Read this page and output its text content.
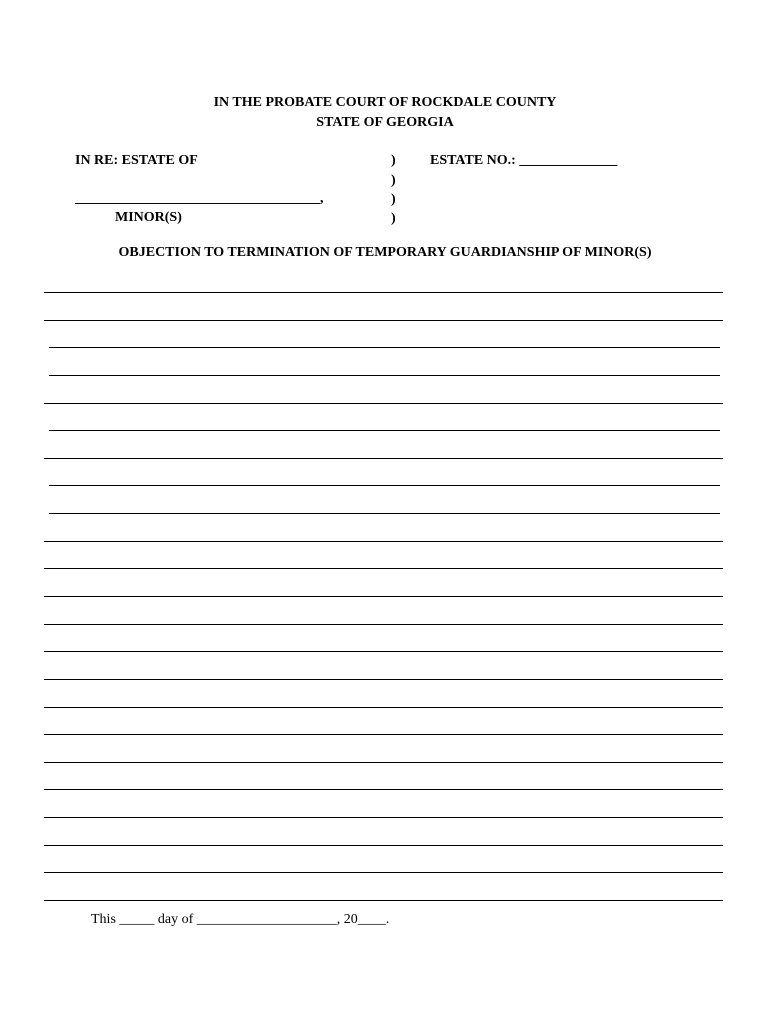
IN THE PROBATE COURT OF ROCKDALE COUNTY
STATE OF GEORGIA
IN RE: ESTATE OF	)
)
)
)
ESTATE NO.: ______________
___________________________________,
MINOR(S)
OBJECTION TO TERMINATION OF TEMPORARY GUARDIANSHIP OF MINOR(S)
This _____ day of ____________________, 20____.
